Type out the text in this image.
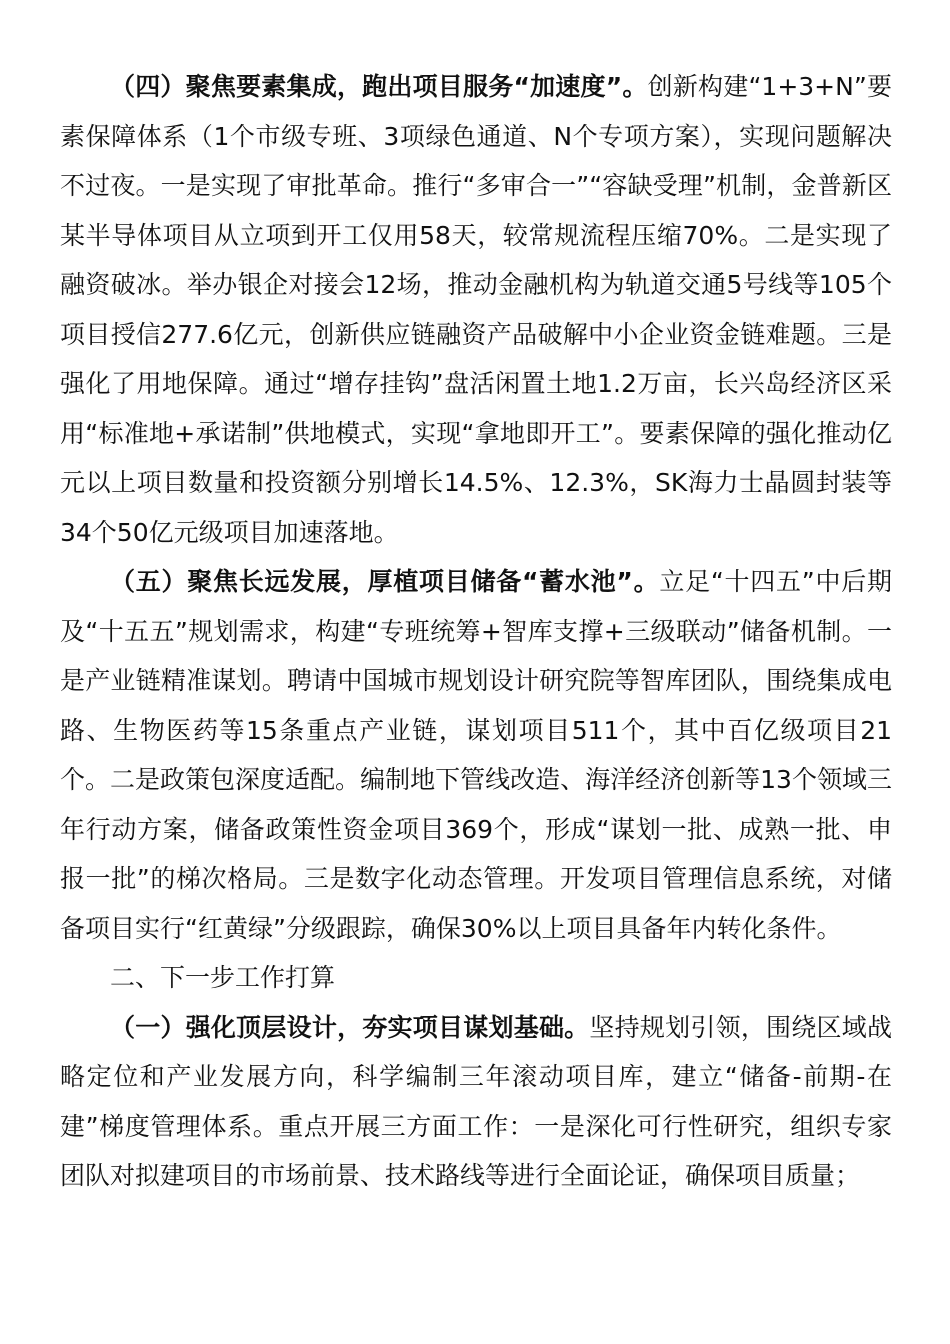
（四）聚焦要素集成，跑出项目服务“加速度”。创新构建“1+3+N”要素保障体系（1个市级专班、3项绿色通道、N个专项方案），实现问题解决不过夜。一是实现了审批革命。推行“多审合一”“容缺受理”机制，金普新区某半导体项目从立项到开工仅用58天，较常规流程压缩70%。二是实现了融资破冰。举办银企对接会12场，推动金融机构为轨道交通5号线等105个项目授信277.6亿元，创新供应链融资产品破解中小企业资金链难题。三是强化了用地保障。通过“增存挂钩”盘活闲置土地1.2万亩，长兴岛经济区采用“标准地+承诺制”供地模式，实现“拿地即开工”。要素保障的强化推动亿元以上项目数量和投资额分别增长14.5%、12.3%，SK海力士晶圆封装等34个50亿元级项目加速落地。

（五）聚焦长远发展，厚植项目储备“蓄水池”。立足“十四五”中后期及“十五五”规划需求，构建“专班统筹+智库支撑+三级联动”储备机制。一是产业链精准谋划。聘请中国城市规划设计研究院等智库团队，围绕集成电路、生物医药等15条重点产业链，谋划项目511个，其中百亿级项目21个。二是政策包深度适配。编制地下管线改造、海洋经济创新等13个领域三年行动方案，储备政策性资金项目369个，形成“谋划一批、成熟一批、申报一批”的梯次格局。三是数字化动态管理。开发项目管理信息系统，对储备项目实行“红黄绿”分级跟踪，确保30%以上项目具备年内转化条件。

二、下一步工作打算

（一）强化顶层设计，夯实项目谋划基础。坚持规划引领，围绕区域战略定位和产业发展方向，科学编制三年滚动项目库，建立“储备-前期-在建”梯度管理体系。重点开展三方面工作：一是深化可行性研究，组织专家团队对拟建项目的市场前景、技术路线等进行全面论证，确保项目质量；
